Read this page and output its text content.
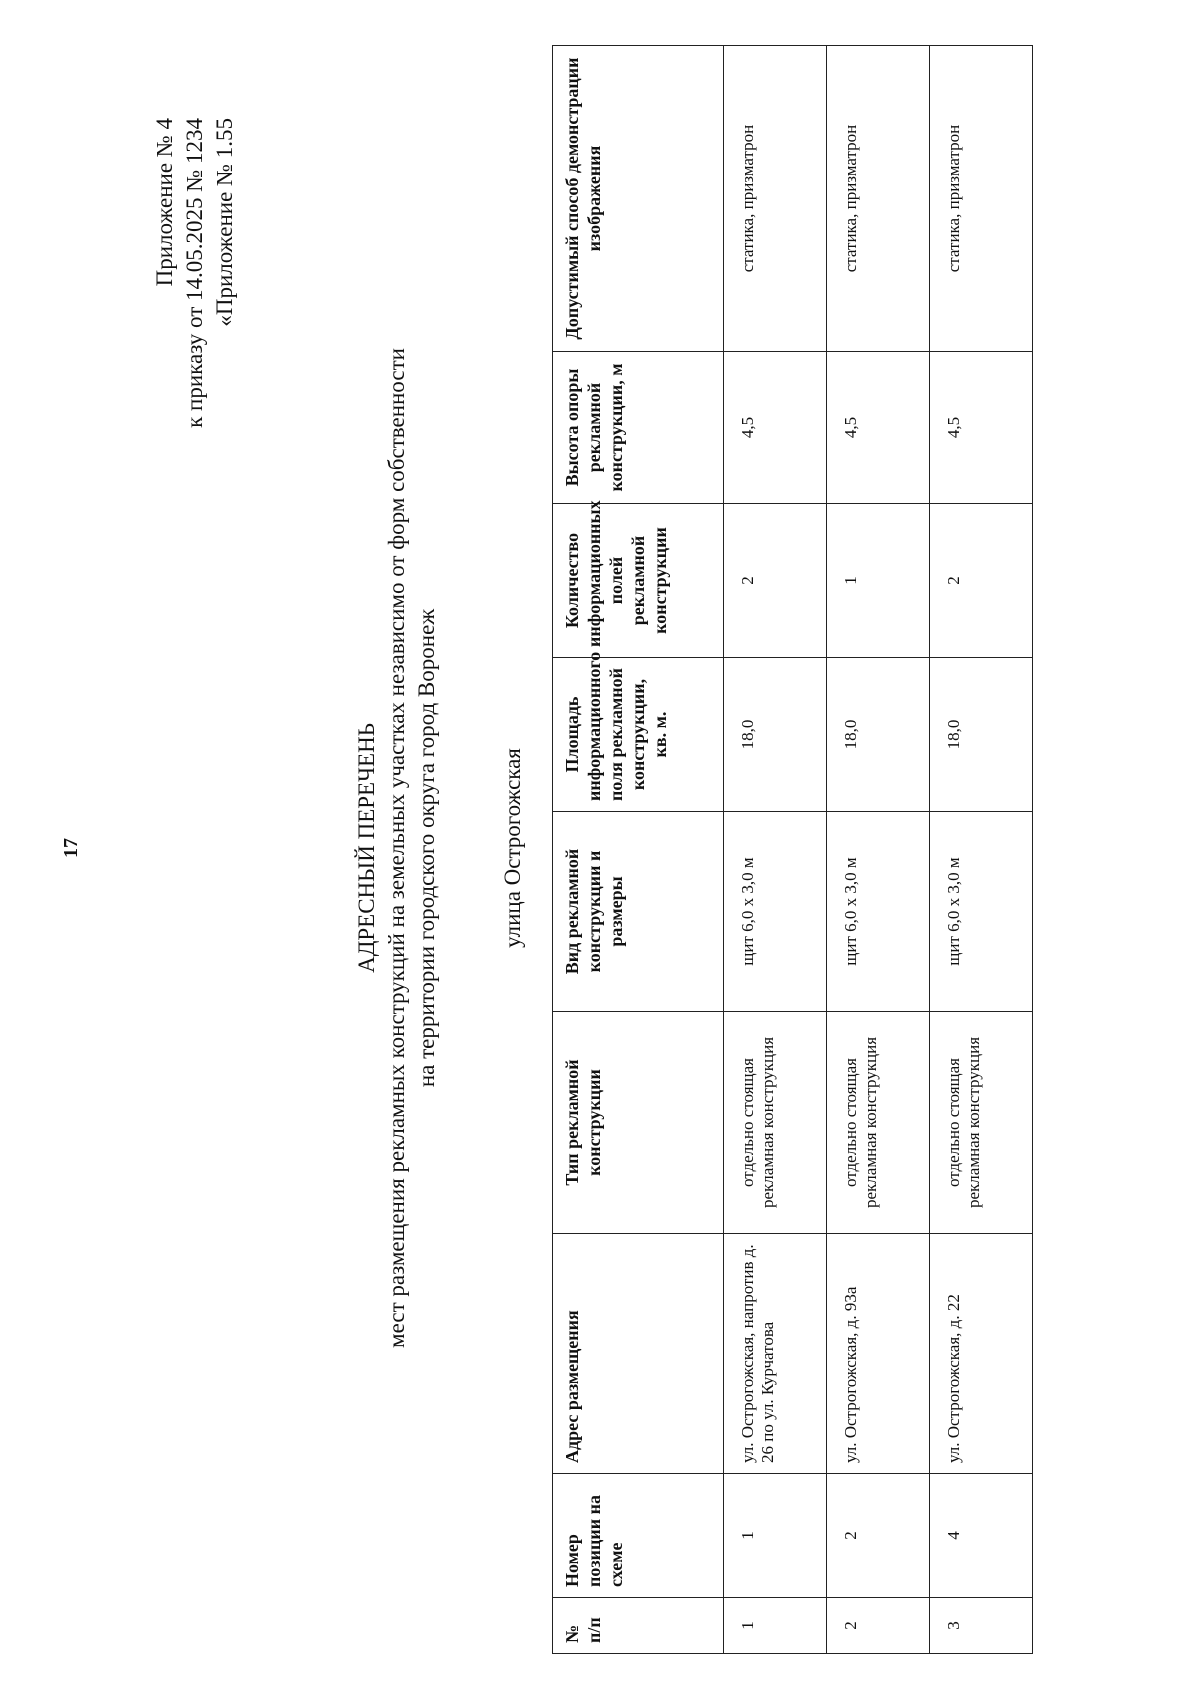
17
Приложение № 4 к приказу от 14.05.2025 № 1234 «Приложение № 1.55
АДРЕСНЫЙ ПЕРЕЧЕНЬ мест размещения рекламных конструкций на земельных участках независимо от форм собственности на территории городского округа город Воронеж	улица Острогожская
№ п/п	Номер позиции на схеме	Адрес размещения	Тип рекламной конструкции	Вид рекламной конструкции и размеры	Площадь информационного поля рекламной конструкции, кв. м.	Количество информационных полей рекламной конструкции	Высота опоры рекламной конструкции, м	Допустимый способ демонстрации изображения
1	1	ул. Острогожская, напротив д. 26 по ул. Курчатова	отдельно стоящая рекламная конструкция	щит 6,0 x 3,0 м	18,0	2	4,5	статика, призматрон
2	2	ул. Острогожская, д. 93а	отдельно стоящая рекламная конструкция	щит 6,0 x 3,0 м	18,0	1	4,5	статика, призматрон
3	4	ул. Острогожская, д. 22	отдельно стоящая рекламная конструкция	щит 6,0 x 3,0 м	18,0	2	4,5	статика, призматрон
